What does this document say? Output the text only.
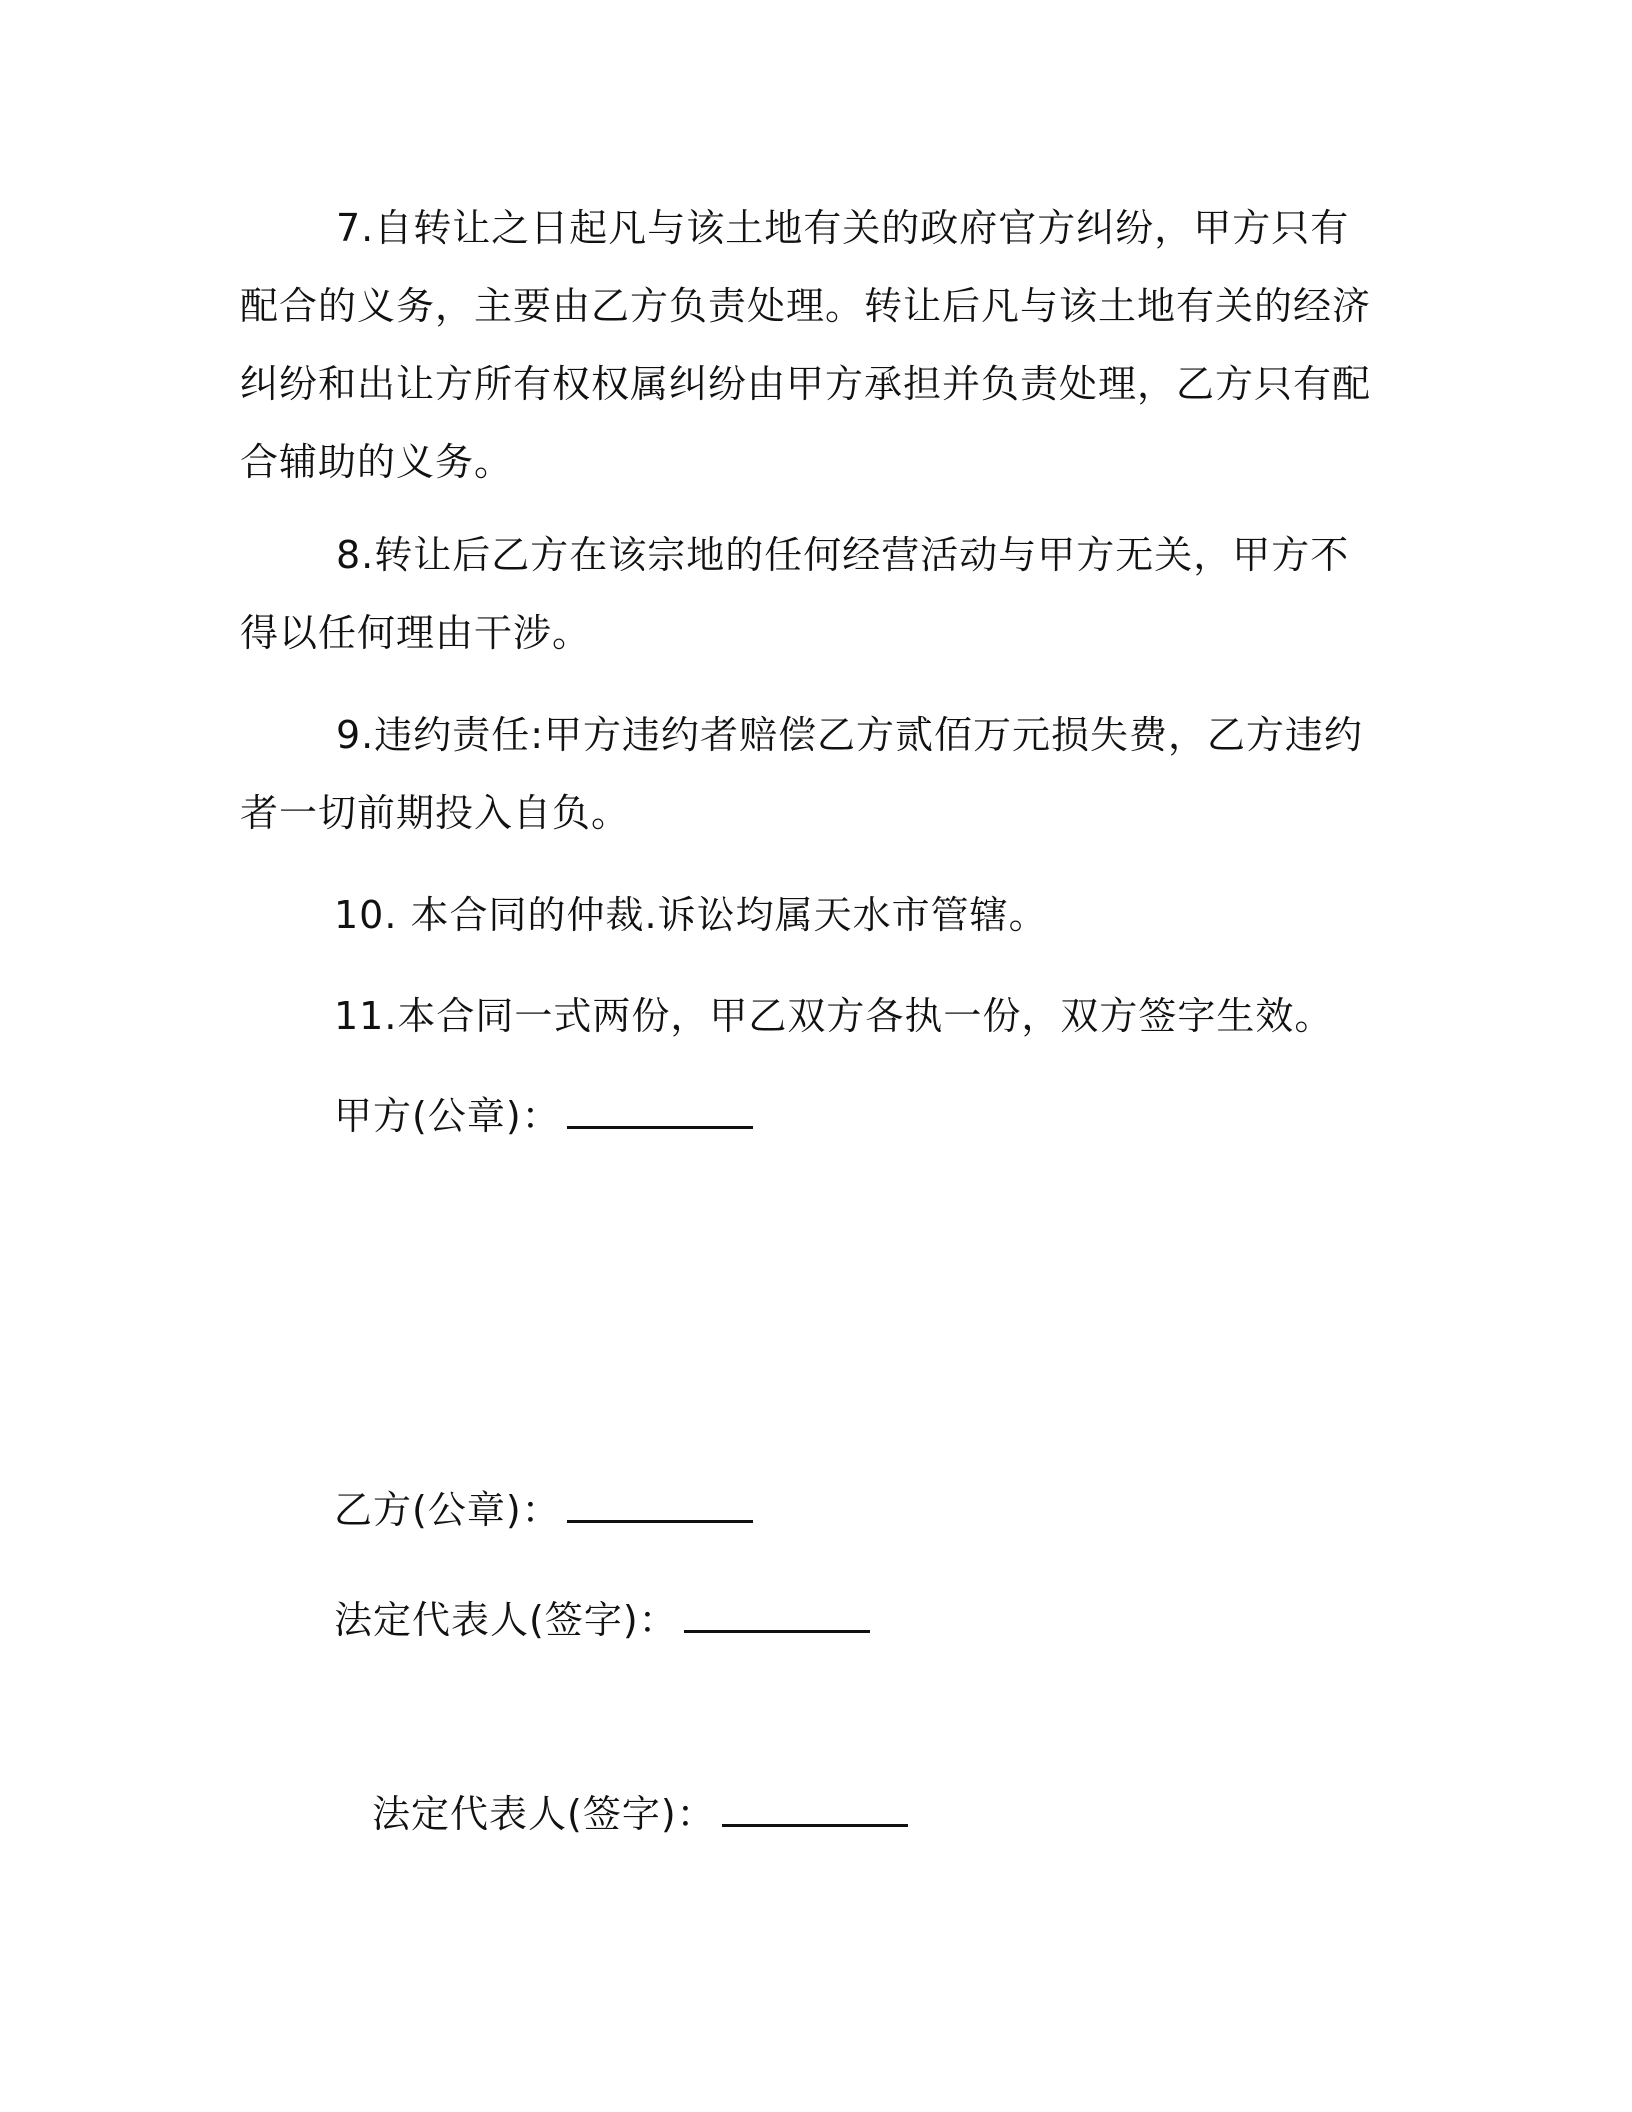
7.自转让之日起凡与该土地有关的政府官方纠纷，甲方只有配合的义务，主要由乙方负责处理。转让后凡与该土地有关的经济纠纷和出让方所有权权属纠纷由甲方承担并负责处理，乙方只有配合辅助的义务。

8.转让后乙方在该宗地的任何经营活动与甲方无关，甲方不得以任何理由干涉。

9.违约责任:甲方违约者赔偿乙方贰佰万元损失费，乙方违约者一切前期投入自负。

10. 本合同的仲裁.诉讼均属天水市管辖。

11.本合同一式两份，甲乙双方各执一份，双方签字生效。

甲方(公章)：

乙方(公章)：

法定代表人(签字)：

法定代表人(签字)：
